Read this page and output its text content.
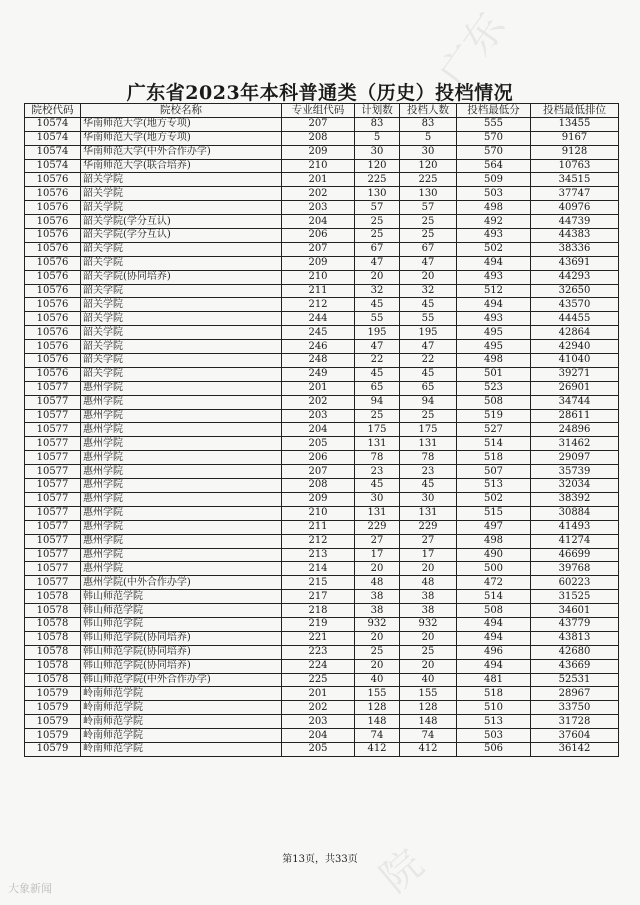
广东
院
广东省2023年本科普通类（历史）投档情况
院校代码	院校名称	专业组代码	计划数	投档人数	投档最低分	投档最低排位
10574	华南师范大学(地方专项)	207	83	83	555	13455
10574	华南师范大学(地方专项)	208	5	5	570	9167
10574	华南师范大学(中外合作办学)	209	30	30	570	9128
10574	华南师范大学(联合培养)	210	120	120	564	10763
10576	韶关学院	201	225	225	509	34515
10576	韶关学院	202	130	130	503	37747
10576	韶关学院	203	57	57	498	40976
10576	韶关学院(学分互认)	204	25	25	492	44739
10576	韶关学院(学分互认)	206	25	25	493	44383
10576	韶关学院	207	67	67	502	38336
10576	韶关学院	209	47	47	494	43691
10576	韶关学院(协同培养)	210	20	20	493	44293
10576	韶关学院	211	32	32	512	32650
10576	韶关学院	212	45	45	494	43570
10576	韶关学院	244	55	55	493	44455
10576	韶关学院	245	195	195	495	42864
10576	韶关学院	246	47	47	495	42940
10576	韶关学院	248	22	22	498	41040
10576	韶关学院	249	45	45	501	39271
10577	惠州学院	201	65	65	523	26901
10577	惠州学院	202	94	94	508	34744
10577	惠州学院	203	25	25	519	28611
10577	惠州学院	204	175	175	527	24896
10577	惠州学院	205	131	131	514	31462
10577	惠州学院	206	78	78	518	29097
10577	惠州学院	207	23	23	507	35739
10577	惠州学院	208	45	45	513	32034
10577	惠州学院	209	30	30	502	38392
10577	惠州学院	210	131	131	515	30884
10577	惠州学院	211	229	229	497	41493
10577	惠州学院	212	27	27	498	41274
10577	惠州学院	213	17	17	490	46699
10577	惠州学院	214	20	20	500	39768
10577	惠州学院(中外合作办学)	215	48	48	472	60223
10578	韩山师范学院	217	38	38	514	31525
10578	韩山师范学院	218	38	38	508	34601
10578	韩山师范学院	219	932	932	494	43779
10578	韩山师范学院(协同培养)	221	20	20	494	43813
10578	韩山师范学院(协同培养)	223	25	25	496	42680
10578	韩山师范学院(协同培养)	224	20	20	494	43669
10578	韩山师范学院(中外合作办学)	225	40	40	481	52531
10579	岭南师范学院	201	155	155	518	28967
10579	岭南师范学院	202	128	128	510	33750
10579	岭南师范学院	203	148	148	513	31728
10579	岭南师范学院	204	74	74	503	37604
10579	岭南师范学院	205	412	412	506	36142
第13页，共33页
大象新闻
